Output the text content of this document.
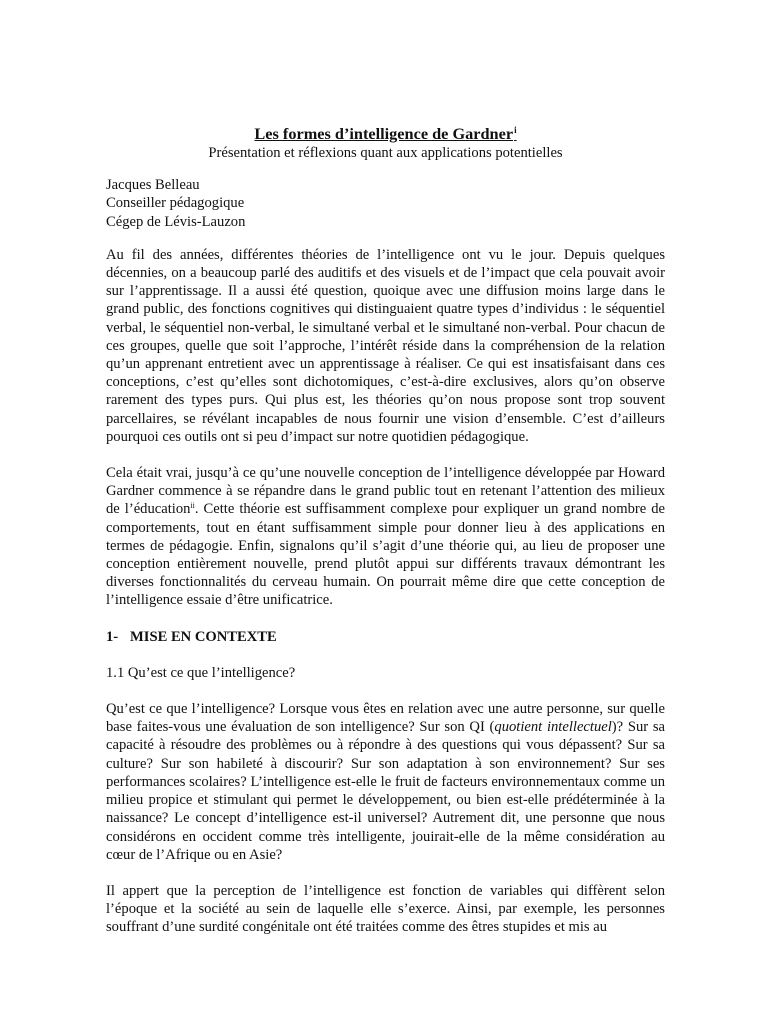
Les formes d’intelligence de Gardner$^i$
Présentation et réflexions quant aux applications potentielles
Jacques Belleau
Conseiller pédagogique
Cégep de Lévis-Lauzon

Au fil des années, différentes théories de l’intelligence ont vu le jour. Depuis quelques décennies, on a beaucoup parlé des auditifs et des visuels et de l’impact que cela pouvait avoir sur l’apprentissage. Il a aussi été question, quoique avec une diffusion moins large dans le grand public, des fonctions cognitives qui distinguaient quatre types d’individus : le séquentiel verbal, le séquentiel non-verbal, le simultané verbal et le simultané non-verbal. Pour chacun de ces groupes, quelle que soit l’approche, l’intérêt réside dans la compréhension de la relation qu’un apprenant entretient avec un apprentissage à réaliser. Ce qui est insatisfaisant dans ces conceptions, c’est qu’elles sont dichotomiques, c’est-à-dire exclusives, alors qu’on observe rarement des types purs. Qui plus est, les théories qu’on nous propose sont trop souvent parcellaires, se révélant incapables de nous fournir une vision d’ensemble. C’est d’ailleurs pourquoi ces outils ont si peu d’impact sur notre quotidien pédagogique.

Cela était vrai, jusqu’à ce qu’une nouvelle conception de l’intelligence développée par Howard Gardner commence à se répandre dans le grand public tout en retenant l’attention des milieux de l’éducation$^{ii}$. Cette théorie est suffisamment complexe pour expliquer un grand nombre de comportements, tout en étant suffisamment simple pour donner lieu à des applications en termes de pédagogie. Enfin, signalons qu’il s’agit d’une théorie qui, au lieu de proposer une conception entièrement nouvelle, prend plutôt appui sur différents travaux démontrant les diverses fonctionnalités du cerveau humain. On pourrait même dire que cette conception de l’intelligence essaie d’être unificatrice.

1- MISE EN CONTEXTE
1.1 Qu’est ce que l’intelligence?

Qu’est ce que l’intelligence? Lorsque vous êtes en relation avec une autre personne, sur quelle base faites-vous une évaluation de son intelligence? Sur son QI (quotient intellectuel)? Sur sa capacité à résoudre des problèmes ou à répondre à des questions qui vous dépassent? Sur sa culture? Sur son habileté à discourir? Sur son adaptation à son environnement? Sur ses performances scolaires? L’intelligence est-elle le fruit de facteurs environnementaux comme un milieu propice et stimulant qui permet le développement, ou bien est-elle prédéterminée à la naissance? Le concept d’intelligence est-il universel? Autrement dit, une personne que nous considérons en occident comme très intelligente, jouirait-elle de la même considération au cœur de l’Afrique ou en Asie?

Il appert que la perception de l’intelligence est fonction de variables qui diffèrent selon l’époque et la société au sein de laquelle elle s’exerce. Ainsi, par exemple, les personnes souffrant d’une surdité congénitale ont été traitées comme des êtres stupides et mis au
